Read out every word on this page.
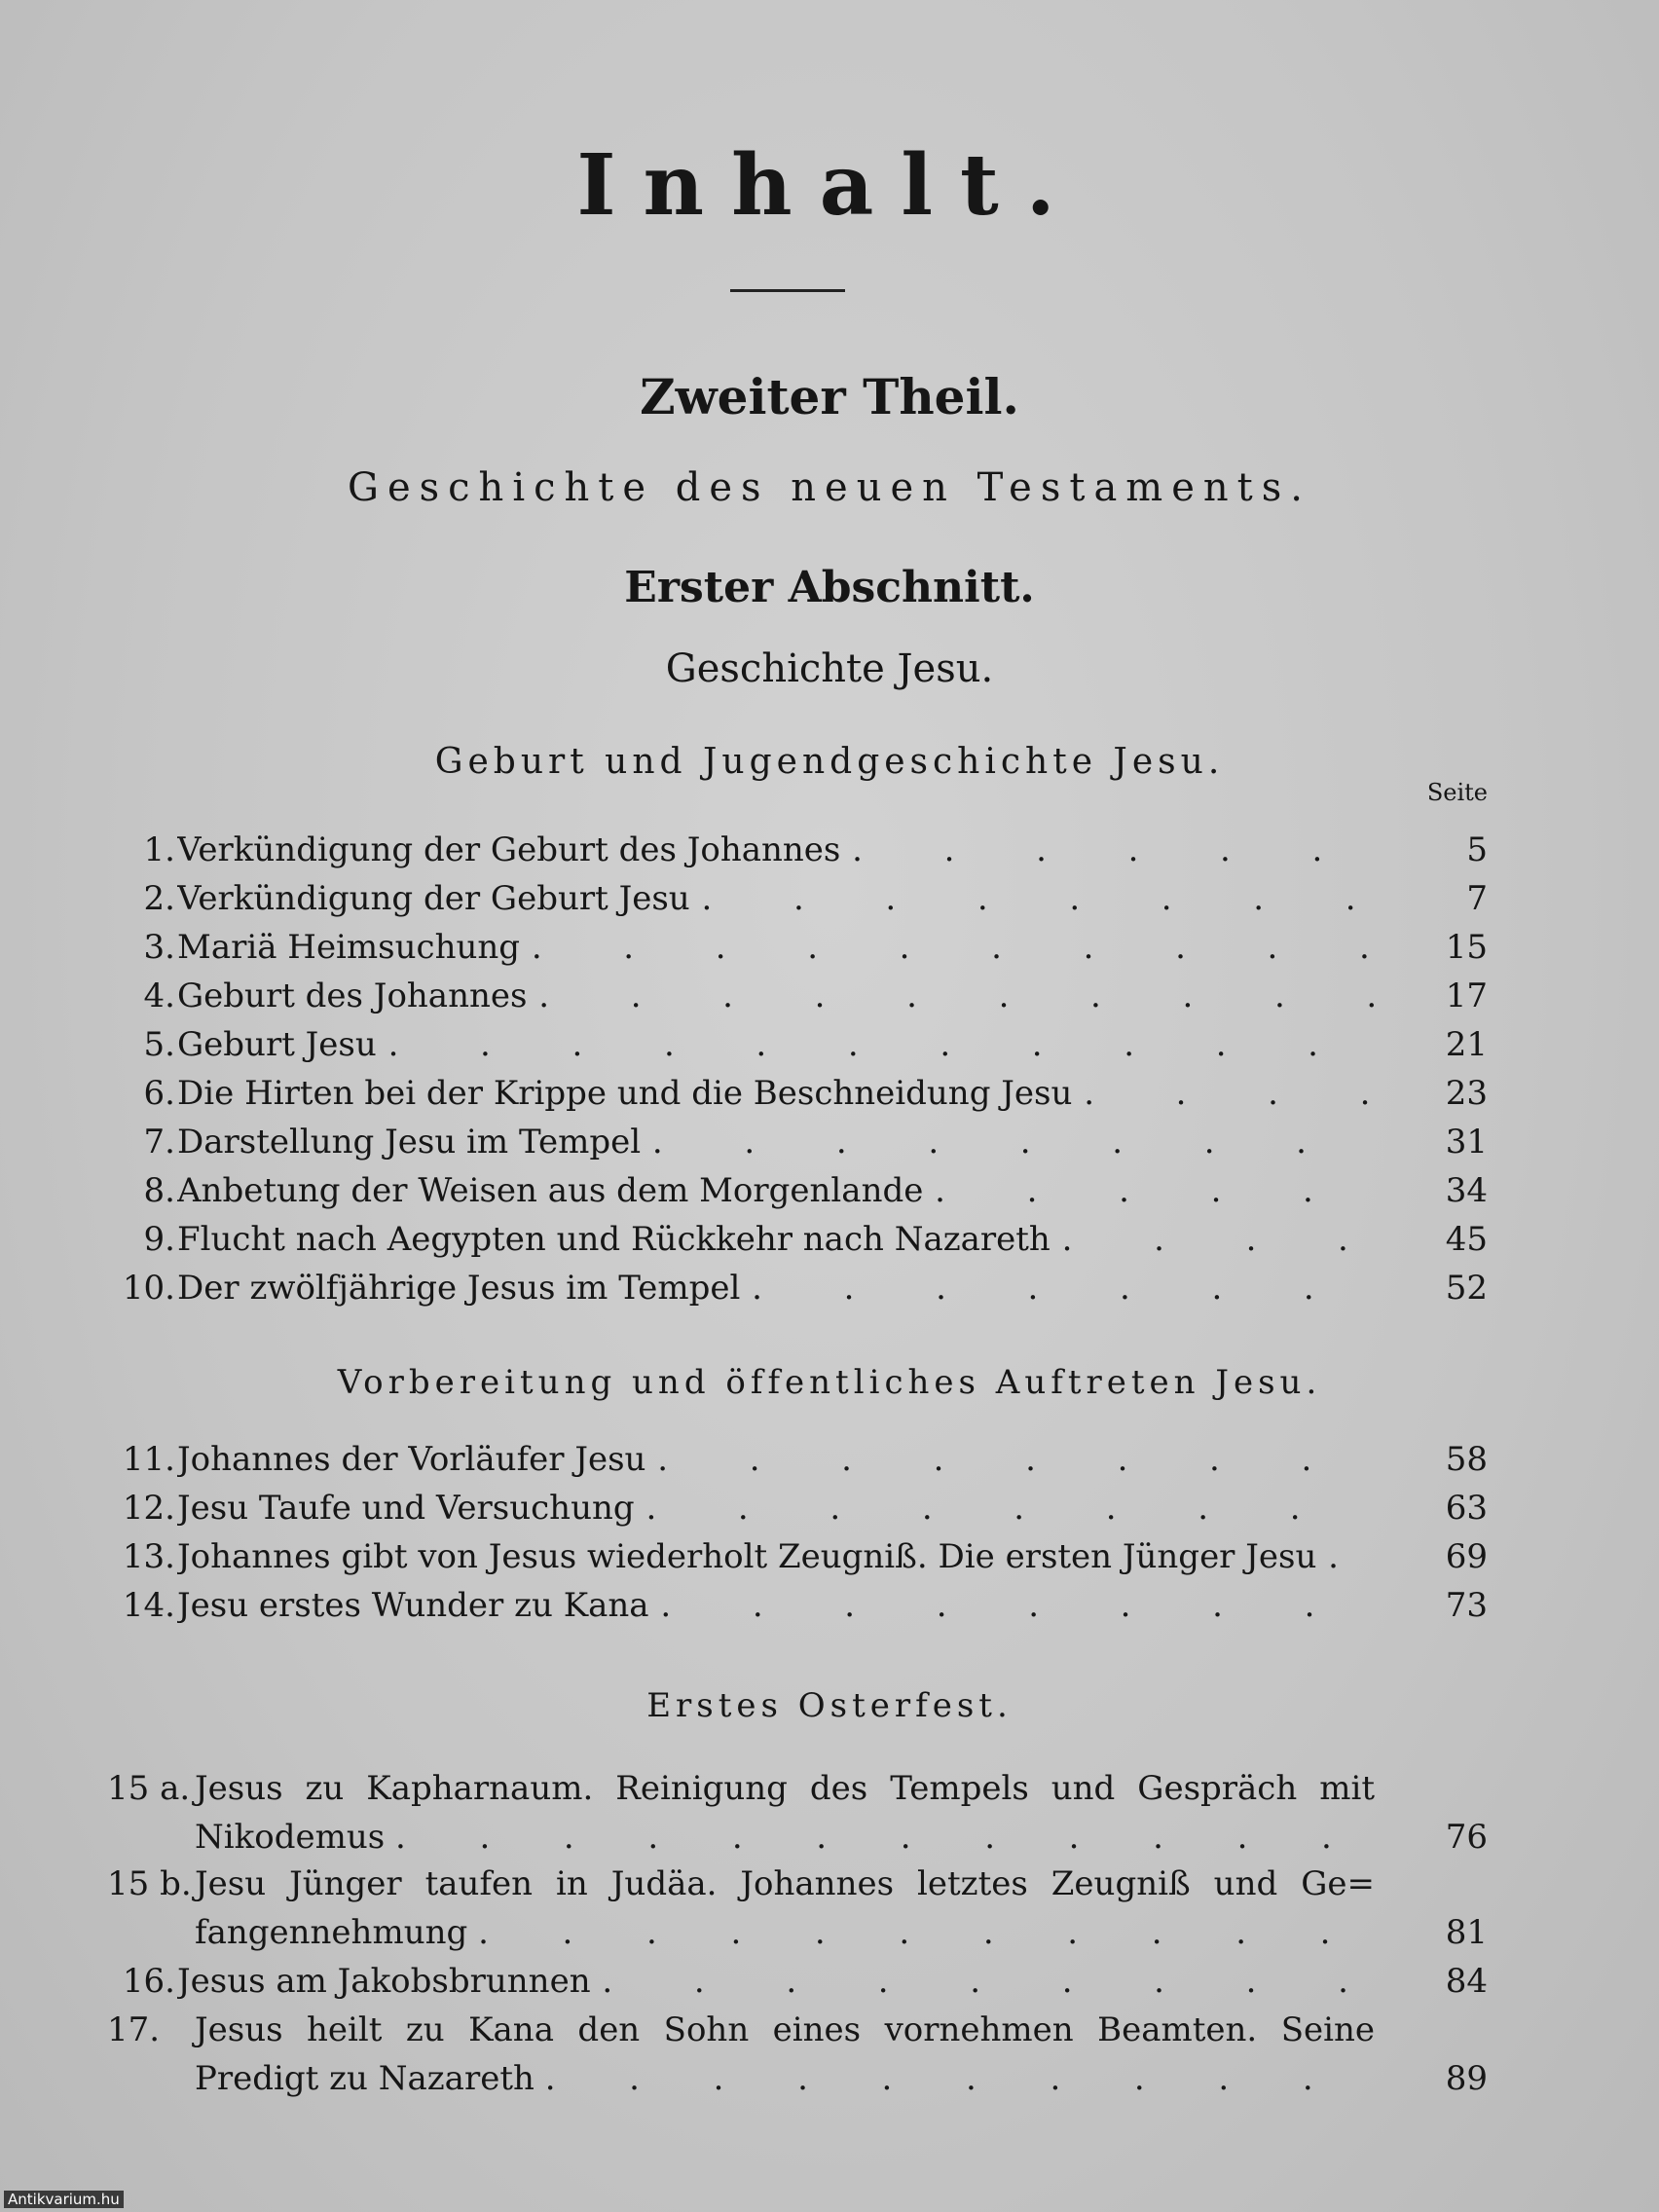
Inhalt.
Zweiter Theil.
Geschichte des neuen Testaments.
Erster Abschnitt.
Geschichte Jesu.
Geburt und Jugendgeschichte Jesu.
Seite
1. Verkündigung der Geburt des Johannes .	5
2. Verkündigung der Geburt Jesu .	7
3. Mariä Heimsuchung .	15
4. Geburt des Johannes .	17
5. Geburt Jesu .	21
6. Die Hirten bei der Krippe und die Beschneidung Jesu .	23
7. Darstellung Jesu im Tempel .	31
8. Anbetung der Weisen aus dem Morgenlande .	34
9. Flucht nach Aegypten und Rückkehr nach Nazareth .	45
10. Der zwölfjährige Jesus im Tempel .	52
Vorbereitung und öffentliches Auftreten Jesu.
11. Johannes der Vorläufer Jesu .	58
12. Jesu Taufe und Versuchung .	63
13. Johannes gibt von Jesus wiederholt Zeugniß. Die ersten Jünger Jesu .	69
14. Jesu erstes Wunder zu Kana .	73
Erstes Osterfest.
15 a. Jesus zu Kapharnaum. Reinigung des Tempels und Gespräch mit
Nikodemus .	76
15 b. Jesu Jünger taufen in Judäa. Johannes letztes Zeugniß und Ge=
fangennehmung .	81
16. Jesus am Jakobsbrunnen .	84
17.	Jesus heilt zu Kana den Sohn eines vornehmen Beamten. Seine
Predigt zu Nazareth .	89
Antikvarium.hu
